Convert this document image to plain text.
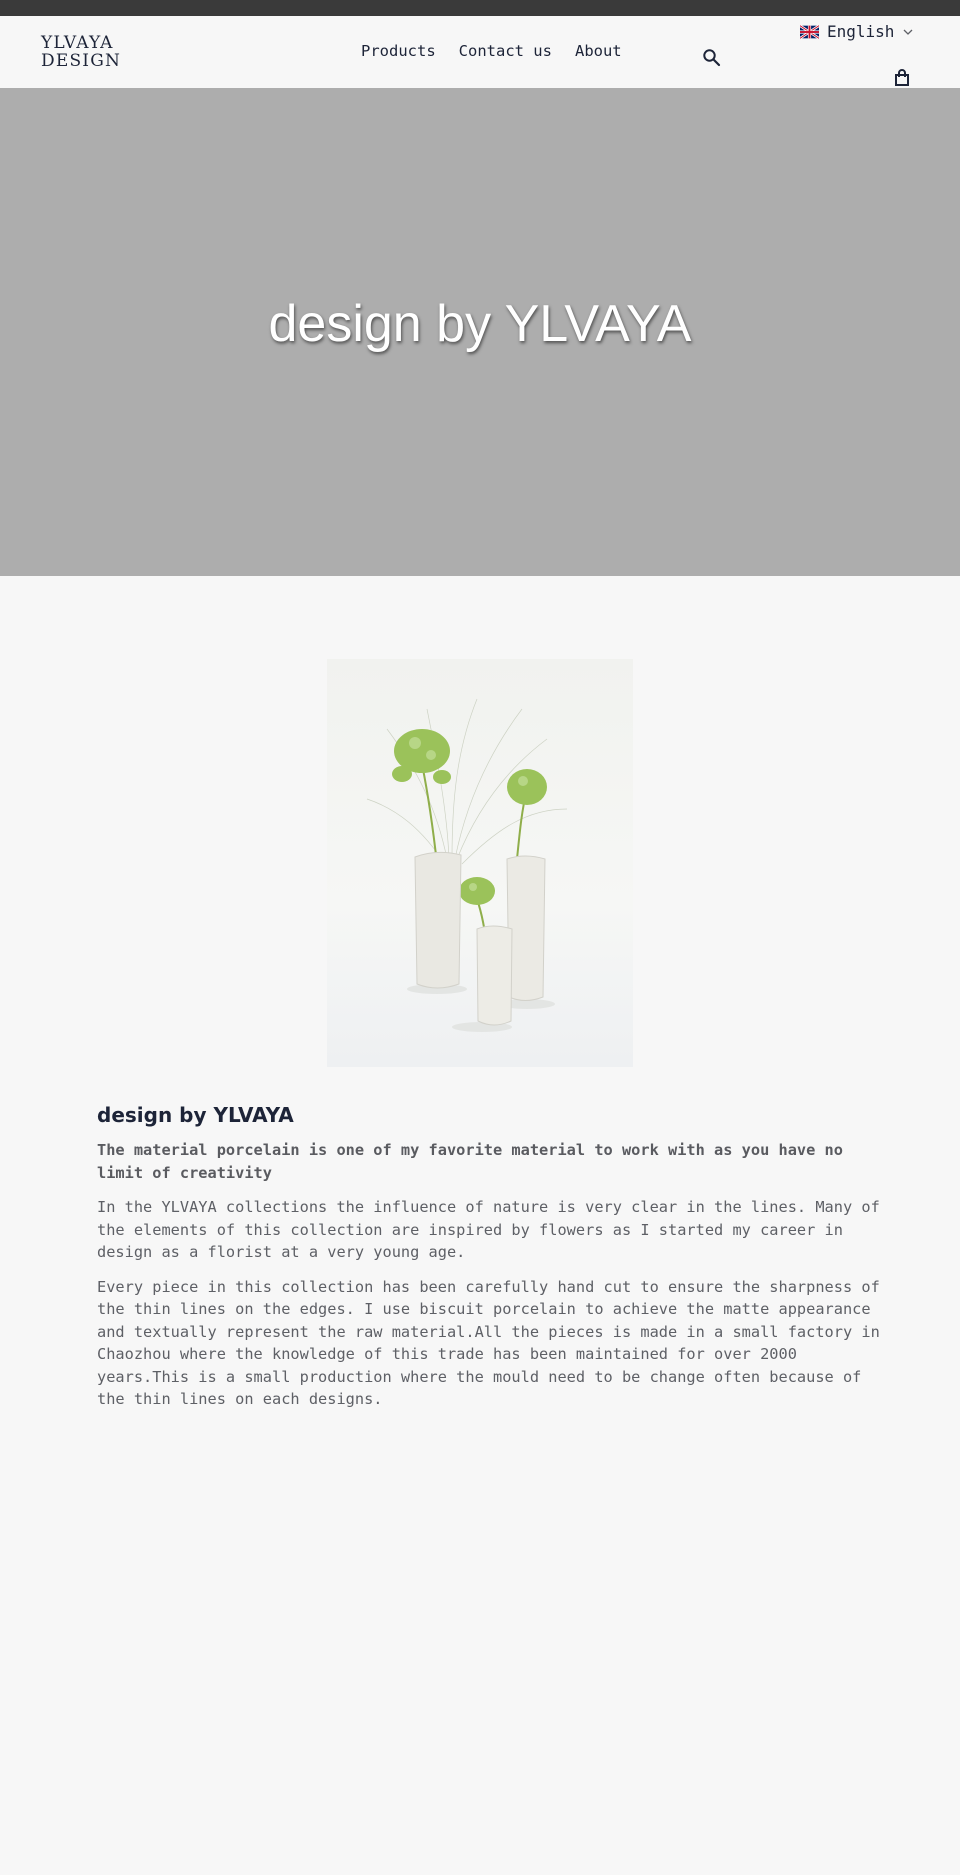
YLVAYA
DESIGN	Products Contact us About
English
design by YLVAYA
design by YLVAYA

The material porcelain is one of my favorite material to work with as you have no limit of creativity

In the YLVAYA collections the influence of nature is very clear in the lines. Many of the elements of this collection are inspired by flowers as I started my career in design as a florist at a very young age.

Every piece in this collection has been carefully hand cut to ensure the sharpness of the thin lines on the edges. I use biscuit porcelain to achieve the matte appearance and textually represent the raw material.All the pieces is made in a small factory in Chaozhou where the knowledge of this trade has been maintained for over 2000 years.This is a small production where the mould need to be change often because of the thin lines on each designs.
